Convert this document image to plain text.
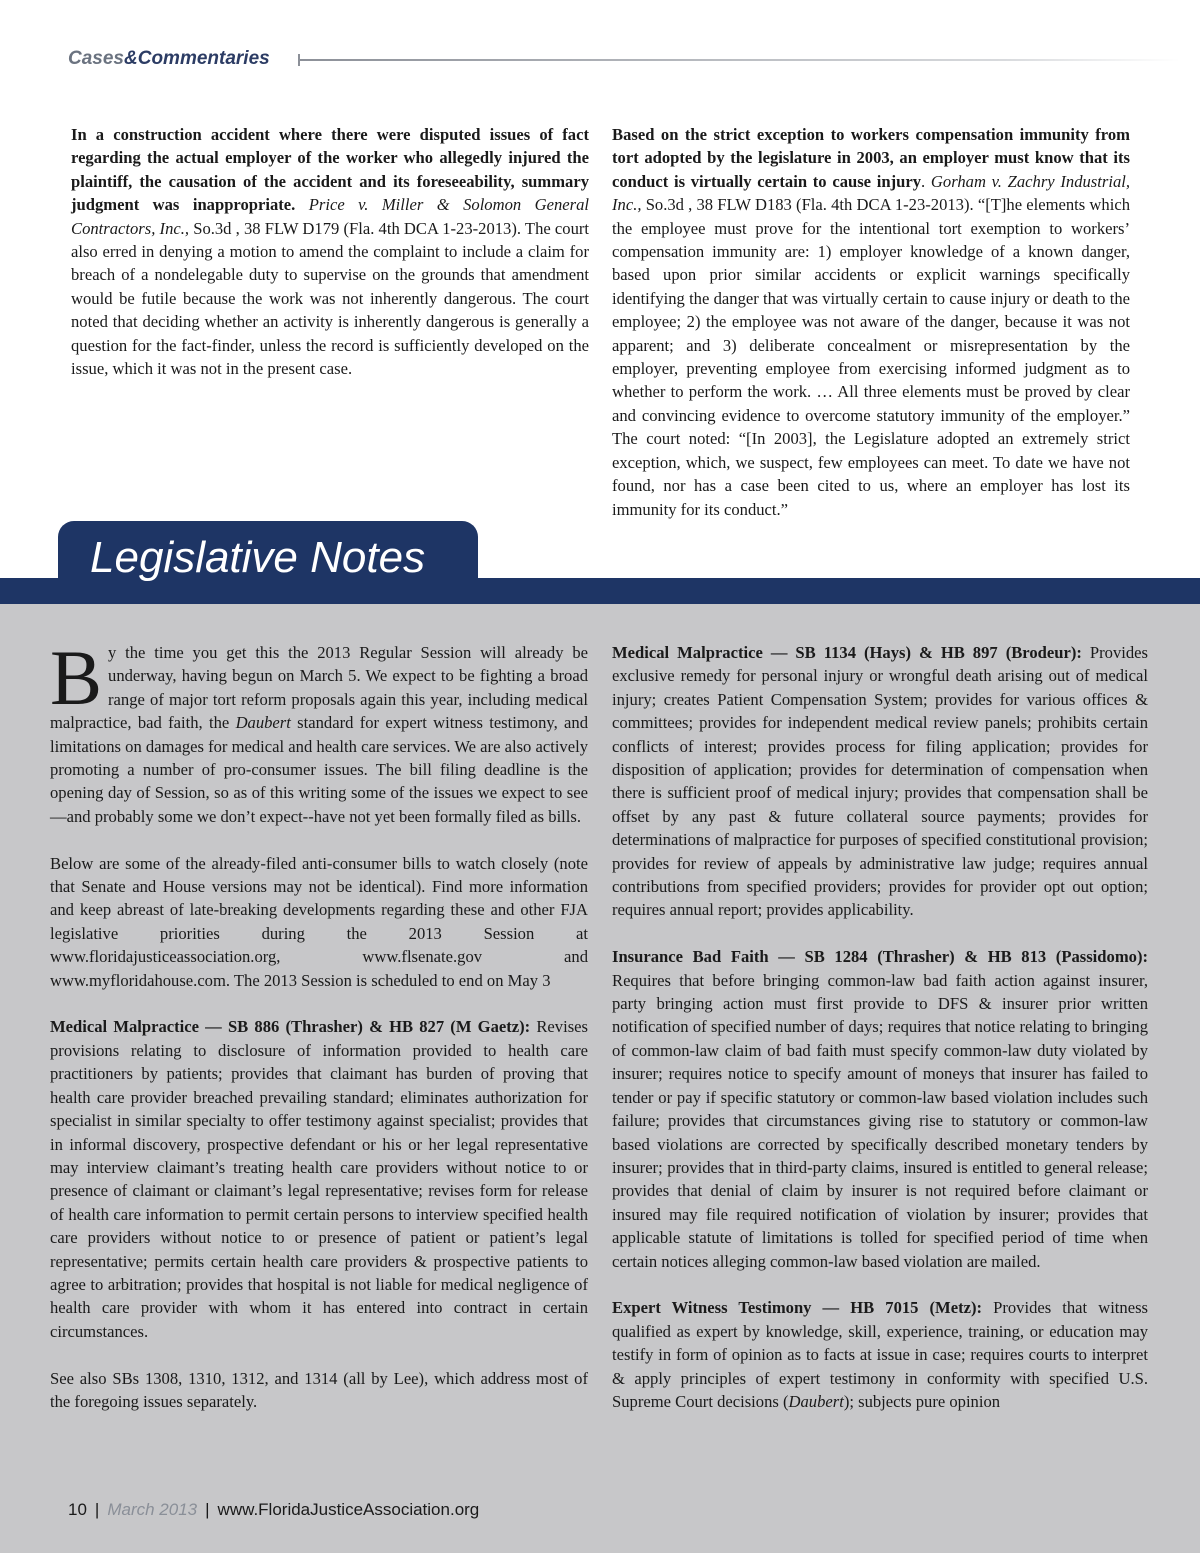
Cases&Commentaries

In a construction accident where there were disputed issues of fact regarding the actual employer of the worker who allegedly injured the plaintiff, the causation of the accident and its foreseeability, summary judgment was inappropriate. Price v. Miller & Solomon General Contractors, Inc., So.3d , 38 FLW D179 (Fla. 4th DCA 1-23-2013). The court also erred in denying a motion to amend the complaint to include a claim for breach of a nondelegable duty to supervise on the grounds that amendment would be futile because the work was not inherently dangerous. The court noted that deciding whether an activity is inherently dangerous is generally a question for the fact-finder, unless the record is sufficiently developed on the issue, which it was not in the present case.

Based on the strict exception to workers compensation immunity from tort adopted by the legislature in 2003, an employer must know that its conduct is virtually certain to cause injury. Gorham v. Zachry Industrial, Inc., So.3d , 38 FLW D183 (Fla. 4th DCA 1-23-2013). “[T]he elements which the employee must prove for the intentional tort exemption to workers’ compensation immunity are: 1) employer knowledge of a known danger, based upon prior similar accidents or explicit warnings specifically identifying the danger that was virtually certain to cause injury or death to the employee; 2) the employee was not aware of the danger, because it was not apparent; and 3) deliberate concealment or misrepresentation by the employer, preventing employee from exercising informed judgment as to whether to perform the work. … All three elements must be proved by clear and convincing evidence to overcome statutory immunity of the employer.” The court noted: “[In 2003], the Legislature adopted an extremely strict exception, which, we suspect, few employees can meet. To date we have not found, nor has a case been cited to us, where an employer has lost its immunity for its conduct.”

Legislative Notes

By the time you get this the 2013 Regular Session will already be underway, having begun on March 5. We expect to be fighting a broad range of major tort reform proposals again this year, including medical malpractice, bad faith, the Daubert standard for expert witness testimony, and limitations on damages for medical and health care services. We are also actively promoting a number of pro-consumer issues. The bill filing deadline is the opening day of Session, so as of this writing some of the issues we expect to see—and probably some we don’t expect--have not yet been formally filed as bills.

Below are some of the already-filed anti-consumer bills to watch closely (note that Senate and House versions may not be identical). Find more information and keep abreast of late-breaking developments regarding these and other FJA legislative priorities during the 2013 Session at www.floridajusticeassociation.org, www.flsenate.gov and www.myfloridahouse.com. The 2013 Session is scheduled to end on May 3

Medical Malpractice — SB 886 (Thrasher) & HB 827 (M Gaetz): Revises provisions relating to disclosure of information provided to health care practitioners by patients; provides that claimant has burden of proving that health care provider breached prevailing standard; eliminates authorization for specialist in similar specialty to offer testimony against specialist; provides that in informal discovery, prospective defendant or his or her legal representative may interview claimant’s treating health care providers without notice to or presence of claimant or claimant’s legal representative; revises form for release of health care information to permit certain persons to interview specified health care providers without notice to or presence of patient or patient’s legal representative; permits certain health care providers & prospective patients to agree to arbitration; provides that hospital is not liable for medical negligence of health care provider with whom it has entered into contract in certain circumstances.

See also SBs 1308, 1310, 1312, and 1314 (all by Lee), which address most of the foregoing issues separately.

Medical Malpractice — SB 1134 (Hays) & HB 897 (Brodeur): Provides exclusive remedy for personal injury or wrongful death arising out of medical injury; creates Patient Compensation System; provides for various offices & committees; provides for independent medical review panels; prohibits certain conflicts of interest; provides process for filing application; provides for disposition of application; provides for determination of compensation when there is sufficient proof of medical injury; provides that compensation shall be offset by any past & future collateral source payments; provides for determinations of malpractice for purposes of specified constitutional provision; provides for review of appeals by administrative law judge; requires annual contributions from specified providers; provides for provider opt out option; requires annual report; provides applicability.

Insurance Bad Faith — SB 1284 (Thrasher) & HB 813 (Passidomo): Requires that before bringing common-law bad faith action against insurer, party bringing action must first provide to DFS & insurer prior written notification of specified number of days; requires that notice relating to bringing of common-law claim of bad faith must specify common-law duty violated by insurer; requires notice to specify amount of moneys that insurer has failed to tender or pay if specific statutory or common-law based violation includes such failure; provides that circumstances giving rise to statutory or common-law based violations are corrected by specifically described monetary tenders by insurer; provides that in third-party claims, insured is entitled to general release; provides that denial of claim by insurer is not required before claimant or insured may file required notification of violation by insurer; provides that applicable statute of limitations is tolled for specified period of time when certain notices alleging common-law based violation are mailed.

Expert Witness Testimony — HB 7015 (Metz): Provides that witness qualified as expert by knowledge, skill, experience, training, or education may testify in form of opinion as to facts at issue in case; requires courts to interpret & apply principles of expert testimony in conformity with specified U.S. Supreme Court decisions (Daubert); subjects pure opinion

10 | March 2013 | www.FloridaJusticeAssociation.org
